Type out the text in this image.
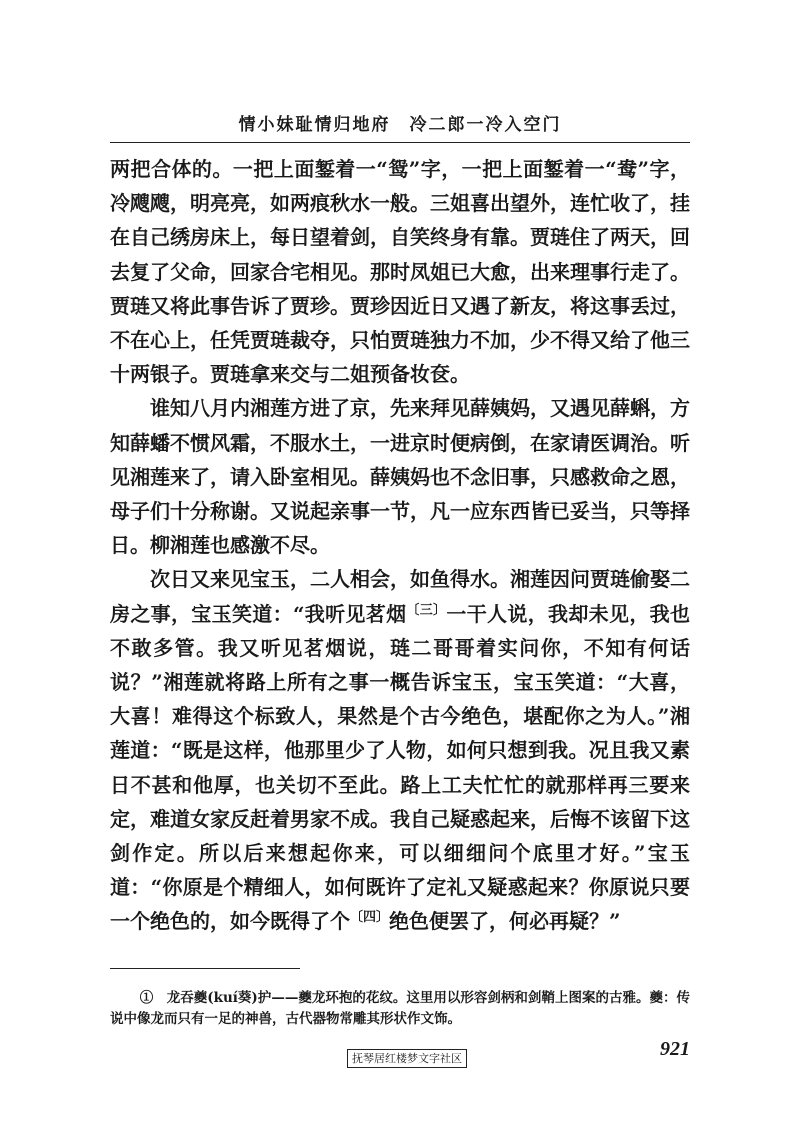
情小妹耻情归地府　冷二郎一冷入空门

两把合体的。一把上面錾着一“鸳”字，一把上面錾着一“鸯”字，冷飕飕，明亮亮，如两痕秋水一般。三姐喜出望外，连忙收了，挂在自己绣房床上，每日望着剑，自笑终身有靠。贾琏住了两天，回去复了父命，回家合宅相见。那时凤姐已大愈，出来理事行走了。贾琏又将此事告诉了贾珍。贾珍因近日又遇了新友，将这事丢过，不在心上，任凭贾琏裁夺，只怕贾琏独力不加，少不得又给了他三十两银子。贾琏拿来交与二姐预备妆奁。

谁知八月内湘莲方进了京，先来拜见薛姨妈，又遇见薛蝌，方知薛蟠不惯风霜，不服水土，一进京时便病倒，在家请医调治。听见湘莲来了，请入卧室相见。薛姨妈也不念旧事，只感救命之恩，母子们十分称谢。又说起亲事一节，凡一应东西皆已妥当，只等择日。柳湘莲也感激不尽。

次日又来见宝玉，二人相会，如鱼得水。湘莲因问贾琏偷娶二房之事，宝玉笑道：“我听见茗烟$^{〔三〕}$一干人说，我却未见，我也不敢多管。我又听见茗烟说，琏二哥哥着实问你，不知有何话说？”湘莲就将路上所有之事一概告诉宝玉，宝玉笑道：“大喜，大喜！难得这个标致人，果然是个古今绝色，堪配你之为人。”湘莲道：“既是这样，他那里少了人物，如何只想到我。况且我又素日不甚和他厚，也关切不至此。路上工夫忙忙的就那样再三要来定，难道女家反赶着男家不成。我自己疑惑起来，后悔不该留下这剑作定。所以后来想起你来，可以细细问个底里才好。”宝玉道：“你原是个精细人，如何既许了定礼又疑惑起来？你原说只要一个绝色的，如今既得了个$^{〔四〕}$绝色便罢了，何必再疑？”

①　龙吞夔(kuí葵)护——夔龙环抱的花纹。这里用以形容剑柄和剑鞘上图案的古雅。夔：传说中像龙而只有一足的神兽，古代器物常雕其形状作文饰。

抚琴居红楼梦文字社区	921
